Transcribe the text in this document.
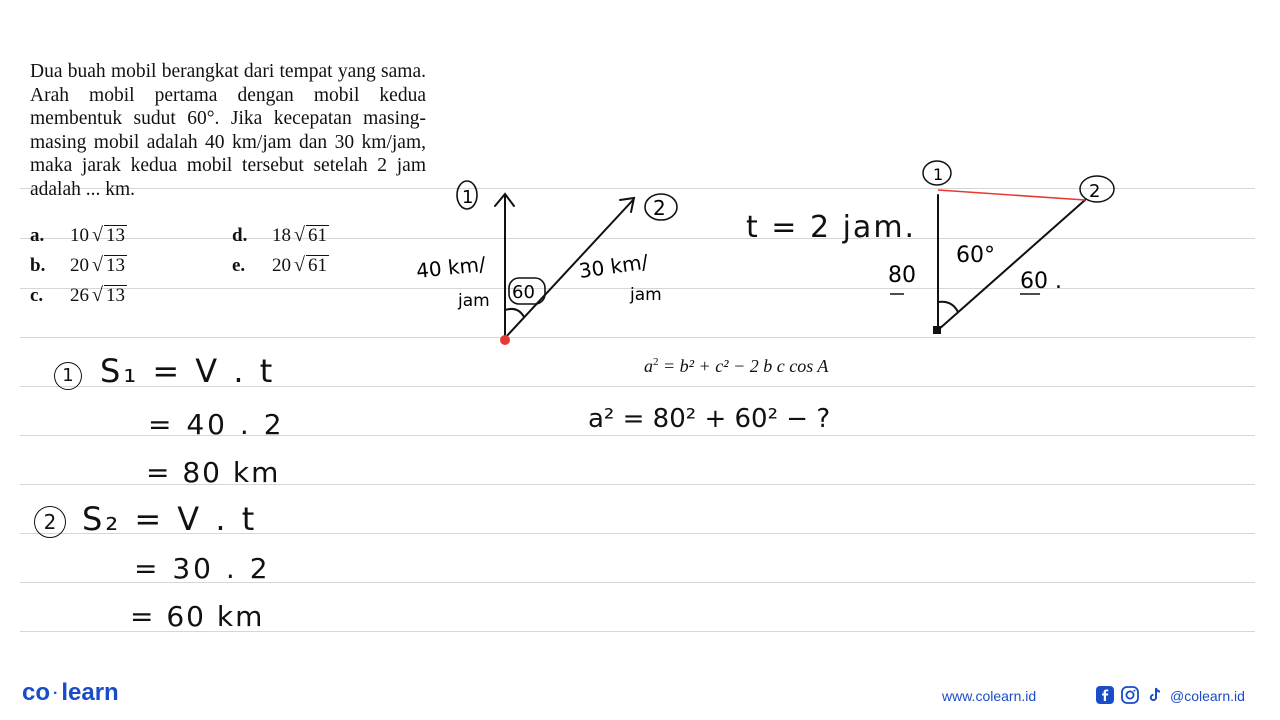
Dua buah mobil berangkat dari tempat yang sama. Arah mobil pertama dengan mobil kedua membentuk sudut 60°. Jika kecepatan masing-masing mobil adalah 40 km/jam dan 30 km/jam, maka jarak kedua mobil tersebut setelah 2 jam adalah ... km.
a. 10 √ 13
b. 20 √ 13
c. 26 √ 13
d. 18 √ 61
e. 20 √ 61
1	2
40 km/
jam 60
30 km/
jam
t = 2 jam.
1
2
60°
80	60 .
$a^2 = b^2 + c^2 - 2$ b c cos A
a² = 80² + 60² − ?
1 S₁ = V . t
= 40 . 2
= 80 km
2 S₂ = V . t
= 30 . 2
= 60 km
co · learn	www.colearn.id	@colearn.id
